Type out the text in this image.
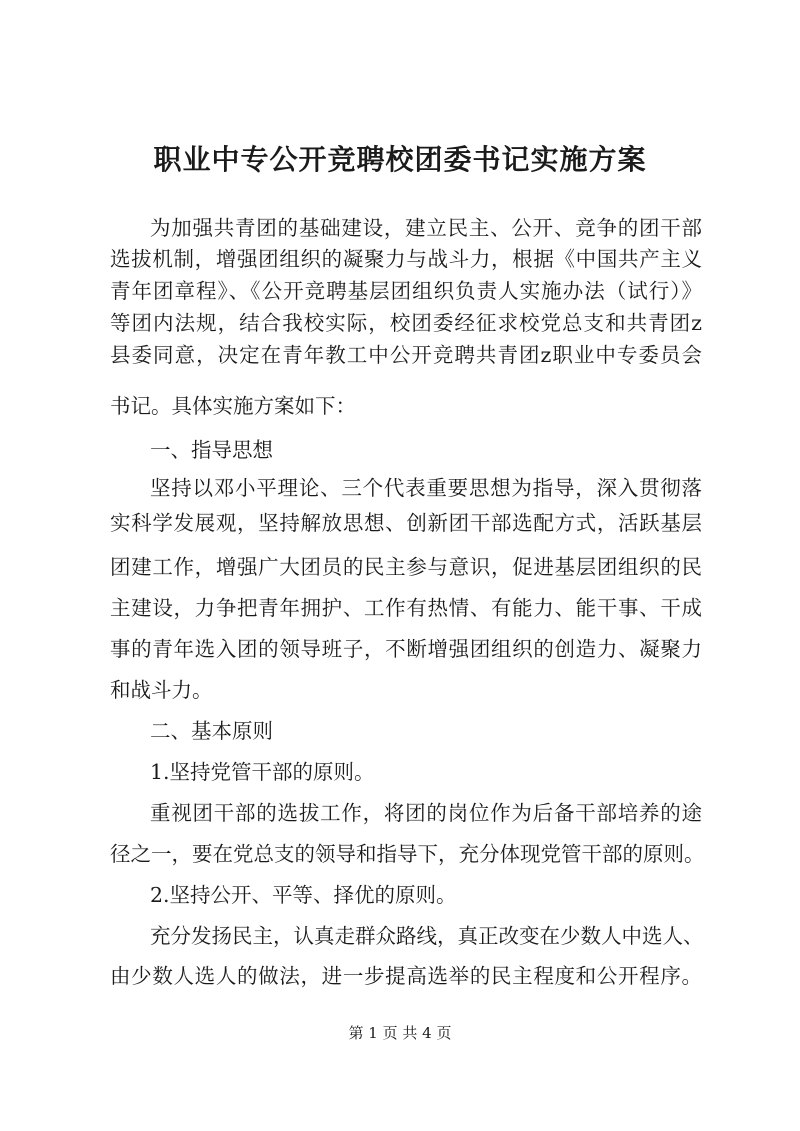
职业中专公开竞聘校团委书记实施方案
为加强共青团的基础建设，建立民主、公开、竞争的团干部
选拔机制，增强团组织的凝聚力与战斗力，根据《中国共产主义
青年团章程》、《公开竞聘基层团组织负责人实施办法（试行）》
等团内法规，结合我校实际，校团委经征求校党总支和共青团z
县委同意，决定在青年教工中公开竞聘共青团z职业中专委员会
书记。具体实施方案如下：
一、指导思想
坚持以邓小平理论、三个代表重要思想为指导，深入贯彻落
实科学发展观，坚持解放思想、创新团干部选配方式，活跃基层
团建工作，增强广大团员的民主参与意识，促进基层团组织的民
主建设，力争把青年拥护、工作有热情、有能力、能干事、干成
事的青年选入团的领导班子，不断增强团组织的创造力、凝聚力
和战斗力。
二、基本原则
1.坚持党管干部的原则。
重视团干部的选拔工作，将团的岗位作为后备干部培养的途
径之一，要在党总支的领导和指导下，充分体现党管干部的原则。
2.坚持公开、平等、择优的原则。
充分发扬民主，认真走群众路线，真正改变在少数人中选人、
由少数人选人的做法，进一步提高选举的民主程度和公开程序。
第 1 页 共 4 页
